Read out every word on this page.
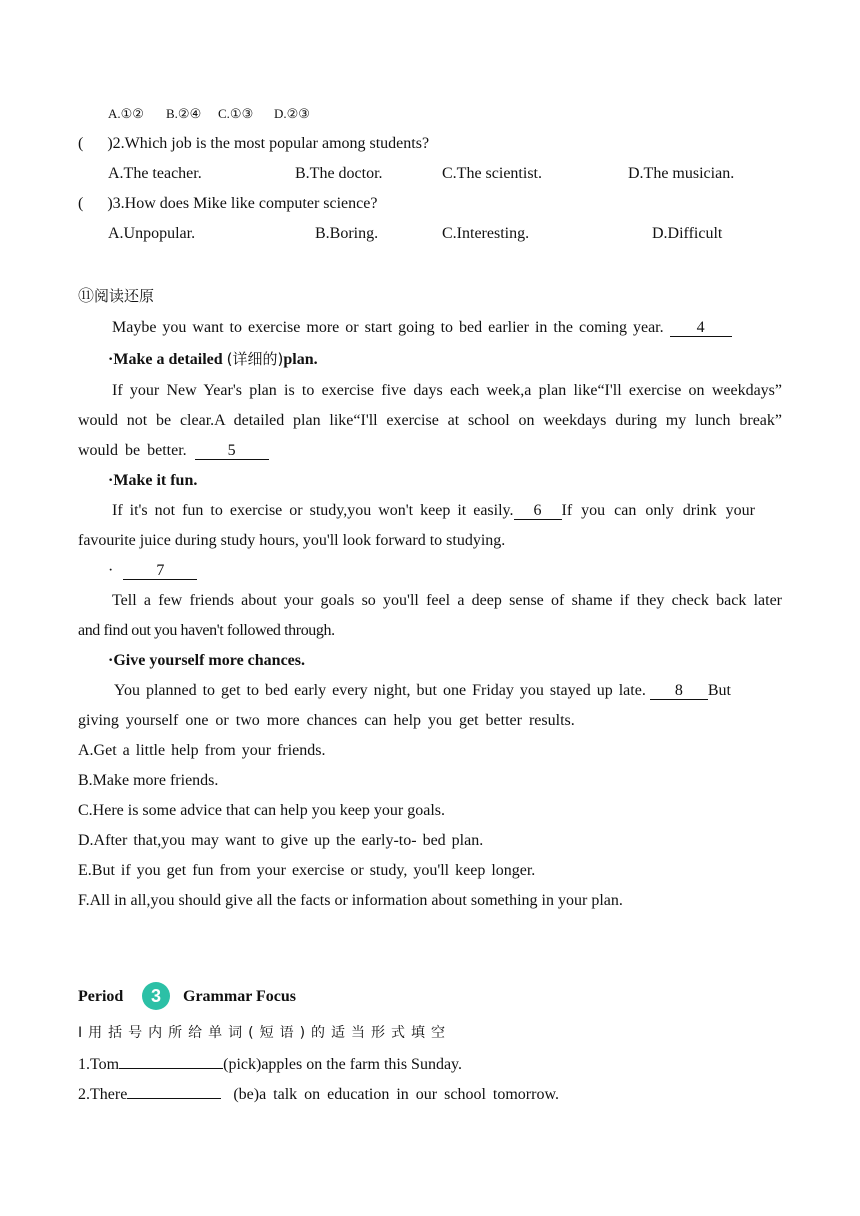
A.①② B.②④ C.①③ D.②③
( )2.Which job is the most popular among students?
A.The teacher.	B.The doctor.	C.The scientist.	D.The musician.
( )3.How does Mike like computer science?
A.Unpopular.	B.Boring.	C.Interesting.	D.Difficult
⑪阅读还原
Maybe you want to exercise more or start going to bed earlier in the coming year. 4
·Make a detailed (详细的)plan.
If your New Year's plan is to exercise five days each week,a plan like“I'll exercise on weekdays”
would not be clear.A detailed plan like“I'll exercise at school on weekdays during my lunch break”
would be better.	5
·Make it fun.
If it's not fun to exercise or study,you won't keep it easily. 6 If you can only drink your
favourite juice during study hours, you'll look forward to studying.
·	7
Tell a few friends about your goals so you'll feel a deep sense of shame if they check back later
and find out you haven't followed through.
·Give yourself more chances.
You planned to get to bed early every night, but one Friday you stayed up late. 8 But
giving yourself one or two more chances can help you get better results.
A.Get a little help from your friends.
B.Make more friends.
C.Here is some advice that can help you keep your goals.
D.After that,you may want to give up the early-to- bed plan.
E.But if you get fun from your exercise or study, you'll keep longer.
F.All in all,you should give all the facts or information about something in your plan.
Period	3	Grammar Focus
Ⅰ用括号内所给单词(短语)的适当形式填空
1.Tom	(pick)apples on the farm this Sunday.
2.There	(be)a talk on education in our school tomorrow.
